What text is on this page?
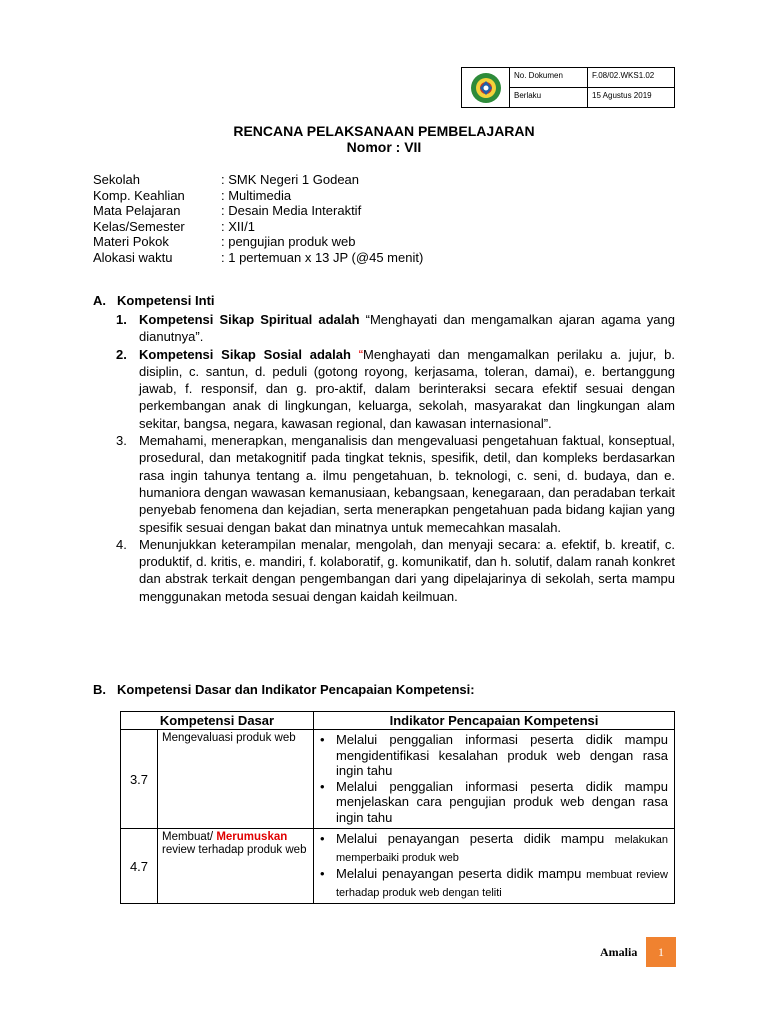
No. Dokumen	F.08/02.WKS1.02
Berlaku	15 Agustus 2019
RENCANA PELAKSANAAN PEMBELAJARAN
Nomor : VII
Sekolah	: SMK Negeri 1 Godean
Komp. Keahlian	: Multimedia
Mata Pelajaran	: Desain Media Interaktif
Kelas/Semester	: XII/1
Materi Pokok	: pengujian produk web
Alokasi waktu	: 1 pertemuan x 13 JP (@45 menit)
A. Kompetensi Inti
1. Kompetensi Sikap Spiritual adalah “Menghayati dan mengamalkan ajaran agama yang dianutnya”.
2. Kompetensi Sikap Sosial adalah “Menghayati dan mengamalkan perilaku a. jujur, b. disiplin, c. santun, d. peduli (gotong royong, kerjasama, toleran, damai), e. bertanggung jawab, f. responsif, dan g. pro-aktif, dalam berinteraksi secara efektif sesuai dengan perkembangan anak di lingkungan, keluarga, sekolah, masyarakat dan lingkungan alam sekitar, bangsa, negara, kawasan regional, dan kawasan internasional”.
3. Memahami, menerapkan, menganalisis dan mengevaluasi pengetahuan faktual, konseptual, prosedural, dan metakognitif pada tingkat teknis, spesifik, detil, dan kompleks berdasarkan rasa ingin tahunya tentang a. ilmu pengetahuan, b. teknologi, c. seni, d. budaya, dan e. humaniora dengan wawasan kemanusiaan, kebangsaan, kenegaraan, dan peradaban terkait penyebab fenomena dan kejadian, serta menerapkan pengetahuan pada bidang kajian yang spesifik sesuai dengan bakat dan minatnya untuk memecahkan masalah.
4. Menunjukkan keterampilan menalar, mengolah, dan menyaji secara: a. efektif, b. kreatif, c. produktif, d. kritis, e. mandiri, f. kolaboratif, g. komunikatif, dan h. solutif, dalam ranah konkret dan abstrak terkait dengan pengembangan dari yang dipelajarinya di sekolah, serta mampu menggunakan metoda sesuai dengan kaidah keilmuan.
B. Kompetensi Dasar dan Indikator Pencapaian Kompetensi:
Kompetensi Dasar		Indikator Pencapaian Kompetensi
3.7	Mengevaluasi produk web	• Melalui penggalian informasi peserta didik mampu mengidentifikasi kesalahan produk web dengan rasa ingin tahu
• Melalui penggalian informasi peserta didik mampu menjelaskan cara pengujian produk web dengan rasa ingin tahu

4.7	Membuat/ Merumuskan review terhadap produk web	• Melalui penayangan peserta didik mampu melakukan memperbaiki produk web
• Melalui penayangan peserta didik mampu membuat review terhadap produk web dengan teliti
Amalia	1
